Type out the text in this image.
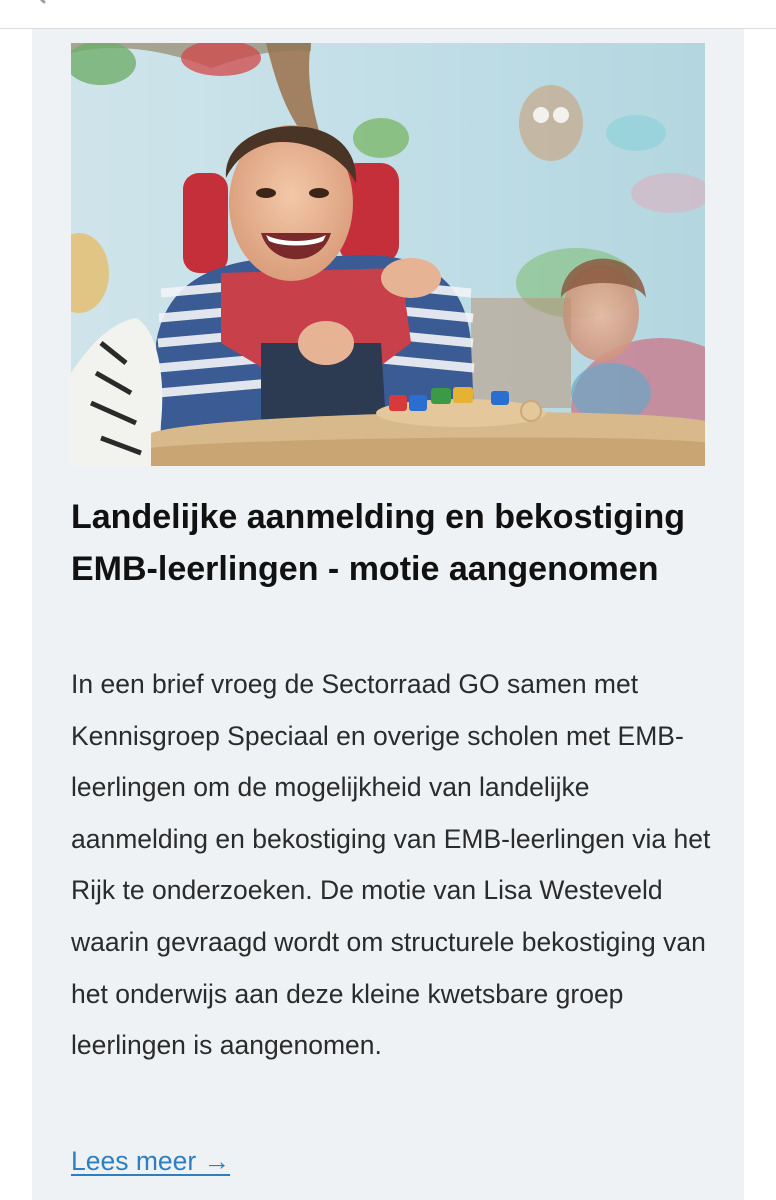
Landelijke aanmelding en bekostiging EMB-leerlingen - motie aangenomen

In een brief vroeg de Sectorraad GO samen met Kennisgroep Speciaal en overige scholen met EMB-leerlingen om de mogelijkheid van landelijke aanmelding en bekostiging van EMB-leerlingen via het Rijk te onderzoeken. De motie van Lisa Westeveld waarin gevraagd wordt om structurele bekostiging van het onderwijs aan deze kleine kwetsbare groep leerlingen is aangenomen.

Lees meer →
